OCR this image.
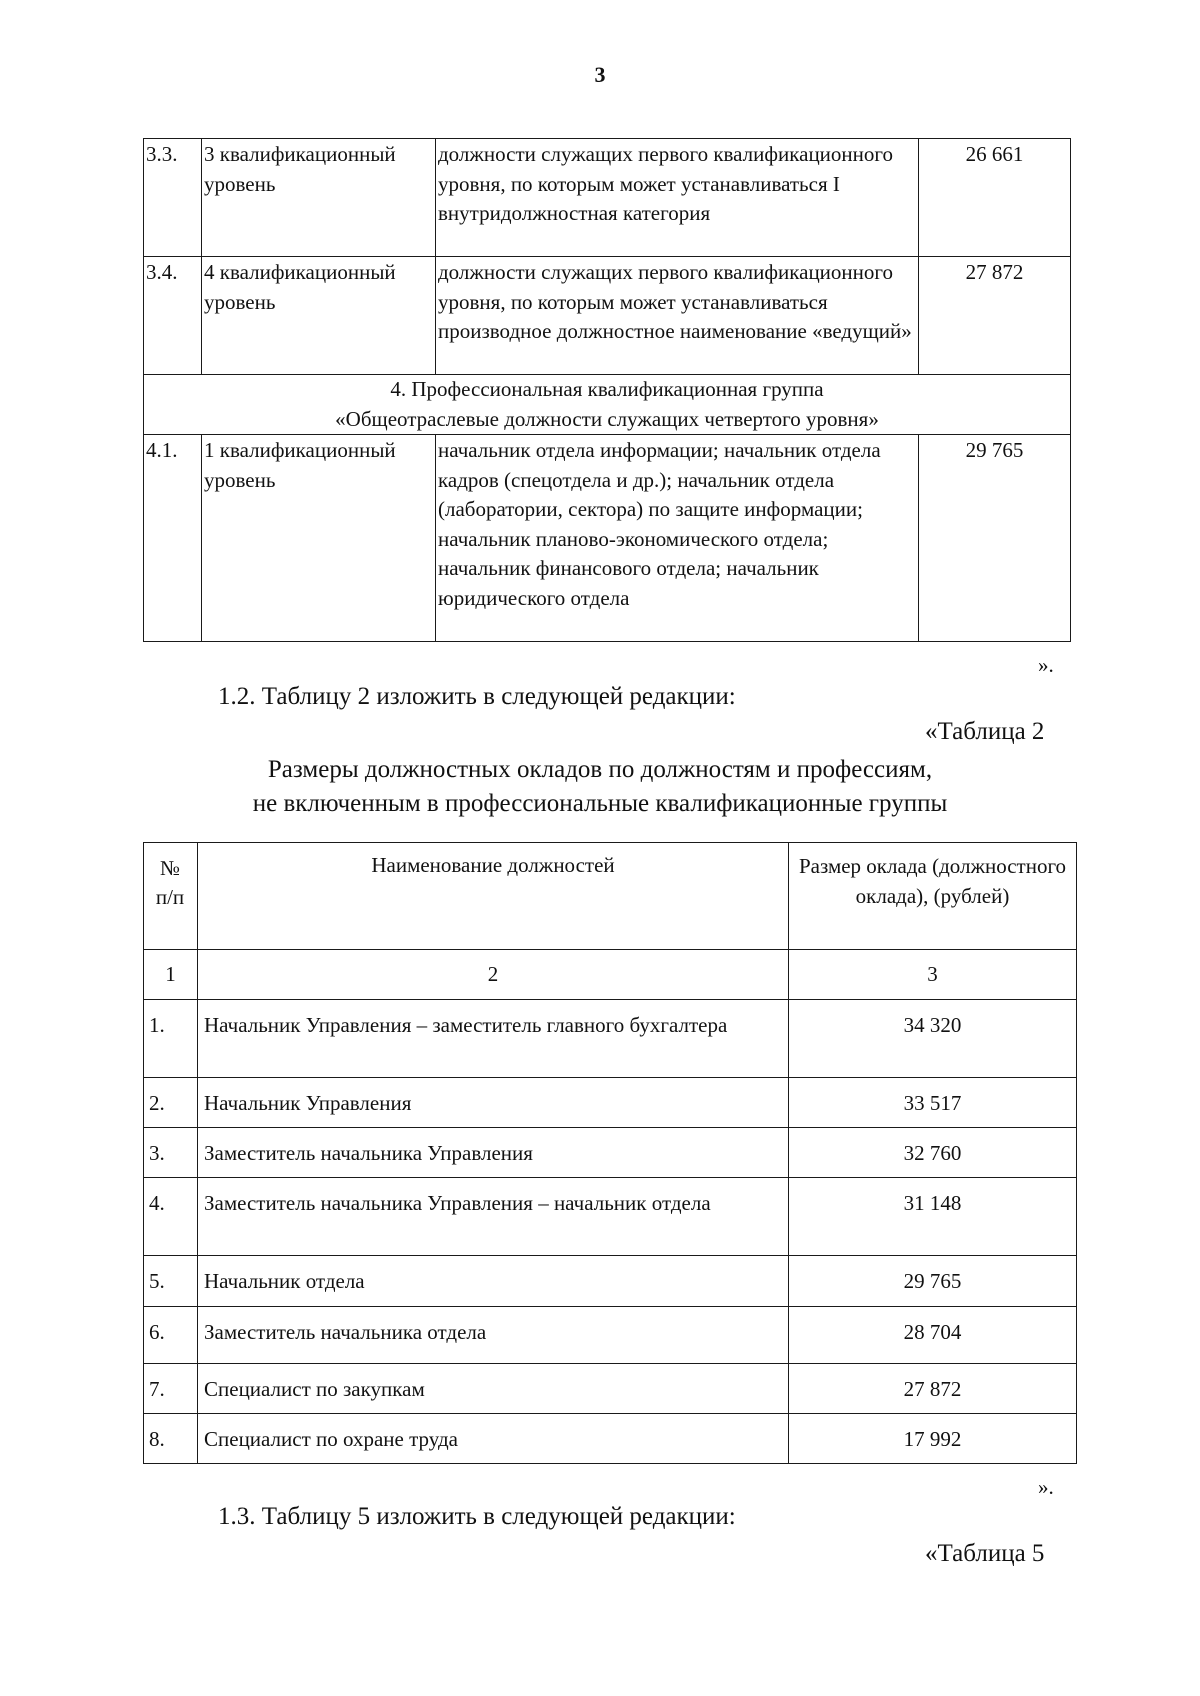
3
3.3.	3 квалификационный уровень	должности служащих первого квалификационного уровня, по которым может устанавливаться I внутридолжностная категория	26 661
3.4.	4 квалификационный уровень	должности служащих первого квалификационного уровня, по которым может устанавливаться производное должностное наименование «ведущий»	27 872

4. Профессиональная квалификационная группа
«Общеотраслевые должности служащих четвертого уровня»			

4.1.	1 квалификационный уровень	начальник отдела информации; начальник отдела кадров (спецотдела и др.); начальник отдела (лаборатории, сектора) по защите информации; начальник планово-экономического отдела; начальник финансового отдела; начальник юридического отдела	29 765
».
1.2. Таблицу 2 изложить в следующей редакции:
«Таблица 2
Размеры должностных окладов по должностям и профессиям,
не включенным в профессиональные квалификационные группы
№ п/п	Наименование должностей	Размер оклада (должностного оклада), (рублей)
1	2	3
1.	Начальник Управления – заместитель главного бухгалтера	34 320
2.	Начальник Управления	33 517
3.	Заместитель начальника Управления	32 760
4.	Заместитель начальника Управления – начальник отдела	31 148
5.	Начальник отдела	29 765
6.	Заместитель начальника отдела	28 704
7.	Специалист по закупкам	27 872
8.	Специалист по охране труда	17 992
».
1.3. Таблицу 5 изложить в следующей редакции:
«Таблица 5
